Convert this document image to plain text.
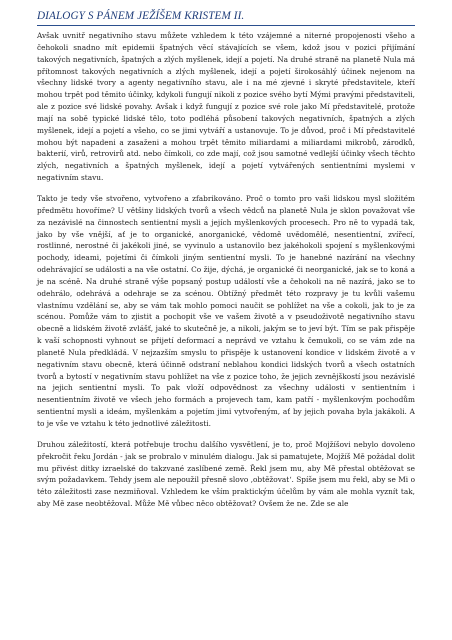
DIALOGY S PÁNEM JEŽÍŠEM KRISTEM II.

Avšak uvnitř negativního stavu můžete vzhledem k této vzájemné a niterné propojenosti všeho a čehokoli snadno mít epidemii špatných věcí stávajících se všem, kdož jsou v pozici přijímání takových negativních, špatných a zlých myšlenek, idejí a pojetí. Na druhé straně na planetě Nula má přítomnost takových negativních a zlých myšlenek, idejí a pojetí širokosáhlý účinek nejenom na všechny lidské tvory a agenty negativního stavu, ale i na mé zjevné i skryté představitele, kteří mohou trpět pod těmito účinky, kdykoli fungují nikoli z pozice svého bytí Mými pravými představiteli, ale z pozice své lidské povahy. Avšak i když fungují z pozice své role jako Mí představitelé, protože mají na sobě typické lidské tělo, toto podléhá působení takových negativních, špatných a zlých myšlenek, idejí a pojetí a všeho, co se jimi vytváří a ustanovuje. To je důvod, proč i Mí představitelé mohou být napadeni a zasaženi a mohou trpět těmito miliardami a miliardami mikrobů, zárodků, bakterií, virů, retrovirů atd. nebo čímkoli, co zde mají, což jsou samotné vedlejší účinky všech těchto zlých, negativních a špatných myšlenek, idejí a pojetí vytvářených sentientními myslemi v negativním stavu.

Takto je tedy vše stvořeno, vytvořeno a zfabrikováno. Proč o tomto pro vaši lidskou mysl složitém předmětu hovoříme? U většiny lidských tvorů a všech vědců na planetě Nula je sklon považovat vše za nezávislé na činnostech sentientní mysli a jejích myšlenkových procesech. Pro ně to vypadá tak, jako by vše vnější, ať je to organické, anorganické, vědomě uvědomělé, nesentientní, zvířecí, rostlinné, nerostné či jakékoli jiné, se vyvinulo a ustanovilo bez jakéhokoli spojení s myšlenkovými pochody, ideami, pojetími či čímkoli jiným sentientní mysli. To je hanebné nazírání na všechny odehrávající se události a na vše ostatní. Co žije, dýchá, je organické či neorganické, jak se to koná a je na scéně. Na druhé straně výše popsaný postup událostí vše a čehokoli na ně nazírá, jako se to odehrálo, odehrává a odehraje se za scénou. Obtížný předmět této rozpravy je tu kvůli vašemu vlastnímu vzdělání se, aby se vám tak mohlo pomoci naučit se pohlížet na vše a cokoli, jak to je za scénou. Pomůže vám to zjistit a pochopit vše ve vašem životě a v pseudoživotě negativního stavu obecně a lidském životě zvlášť, jaké to skutečně je, a nikoli, jakým se to jeví být. Tím se pak přispěje k vaší schopnosti vyhnout se přijetí deformací a neprávd ve vztahu k čemukoli, co se vám zde na planetě Nula předkládá. V nejzazším smyslu to přispěje k ustanovení kondice v lidském životě a v negativním stavu obecně, která účinně odstraní neblahou kondici lidských tvorů a všech ostatních tvorů a bytostí v negativním stavu pohlížet na vše z pozice toho, že jejich zevnějškostí jsou nezávislé na jejich sentientní mysli. To pak vloží odpovědnost za všechny události v sentientním i nesentientním životě ve všech jeho formách a projevech tam, kam patří - myšlenkovým pochodům sentientní mysli a ideám, myšlenkám a pojetím jimi vytvořeným, ať by jejich povaha byla jakákoli. A to je vše ve vztahu k této jednotlivé záležitosti.

Druhou záležitostí, která potřebuje trochu dalšího vysvětlení, je to, proč Mojžíšovi nebylo dovoleno překročit řeku Jordán - jak se probralo v minulém dialogu. Jak si pamatujete, Mojžíš Mě požádal dolit mu přivést ditky izraelské do takzvané zaslíbené země. Řekl jsem mu, aby Mě přestal obtěžovat se svým požadavkem. Tehdy jsem ale nepoužil přesně slovo ‚obtěžovat‘. Spíše jsem mu řekl, aby se Mi o této záležitosti zase nezmiňoval. Vzhledem ke vším praktickým účelům by vám ale mohla vyznít tak, aby Mě zase neobtěžoval. Může Mě vůbec něco obtěžovat? Ovšem že ne. Zde se ale
